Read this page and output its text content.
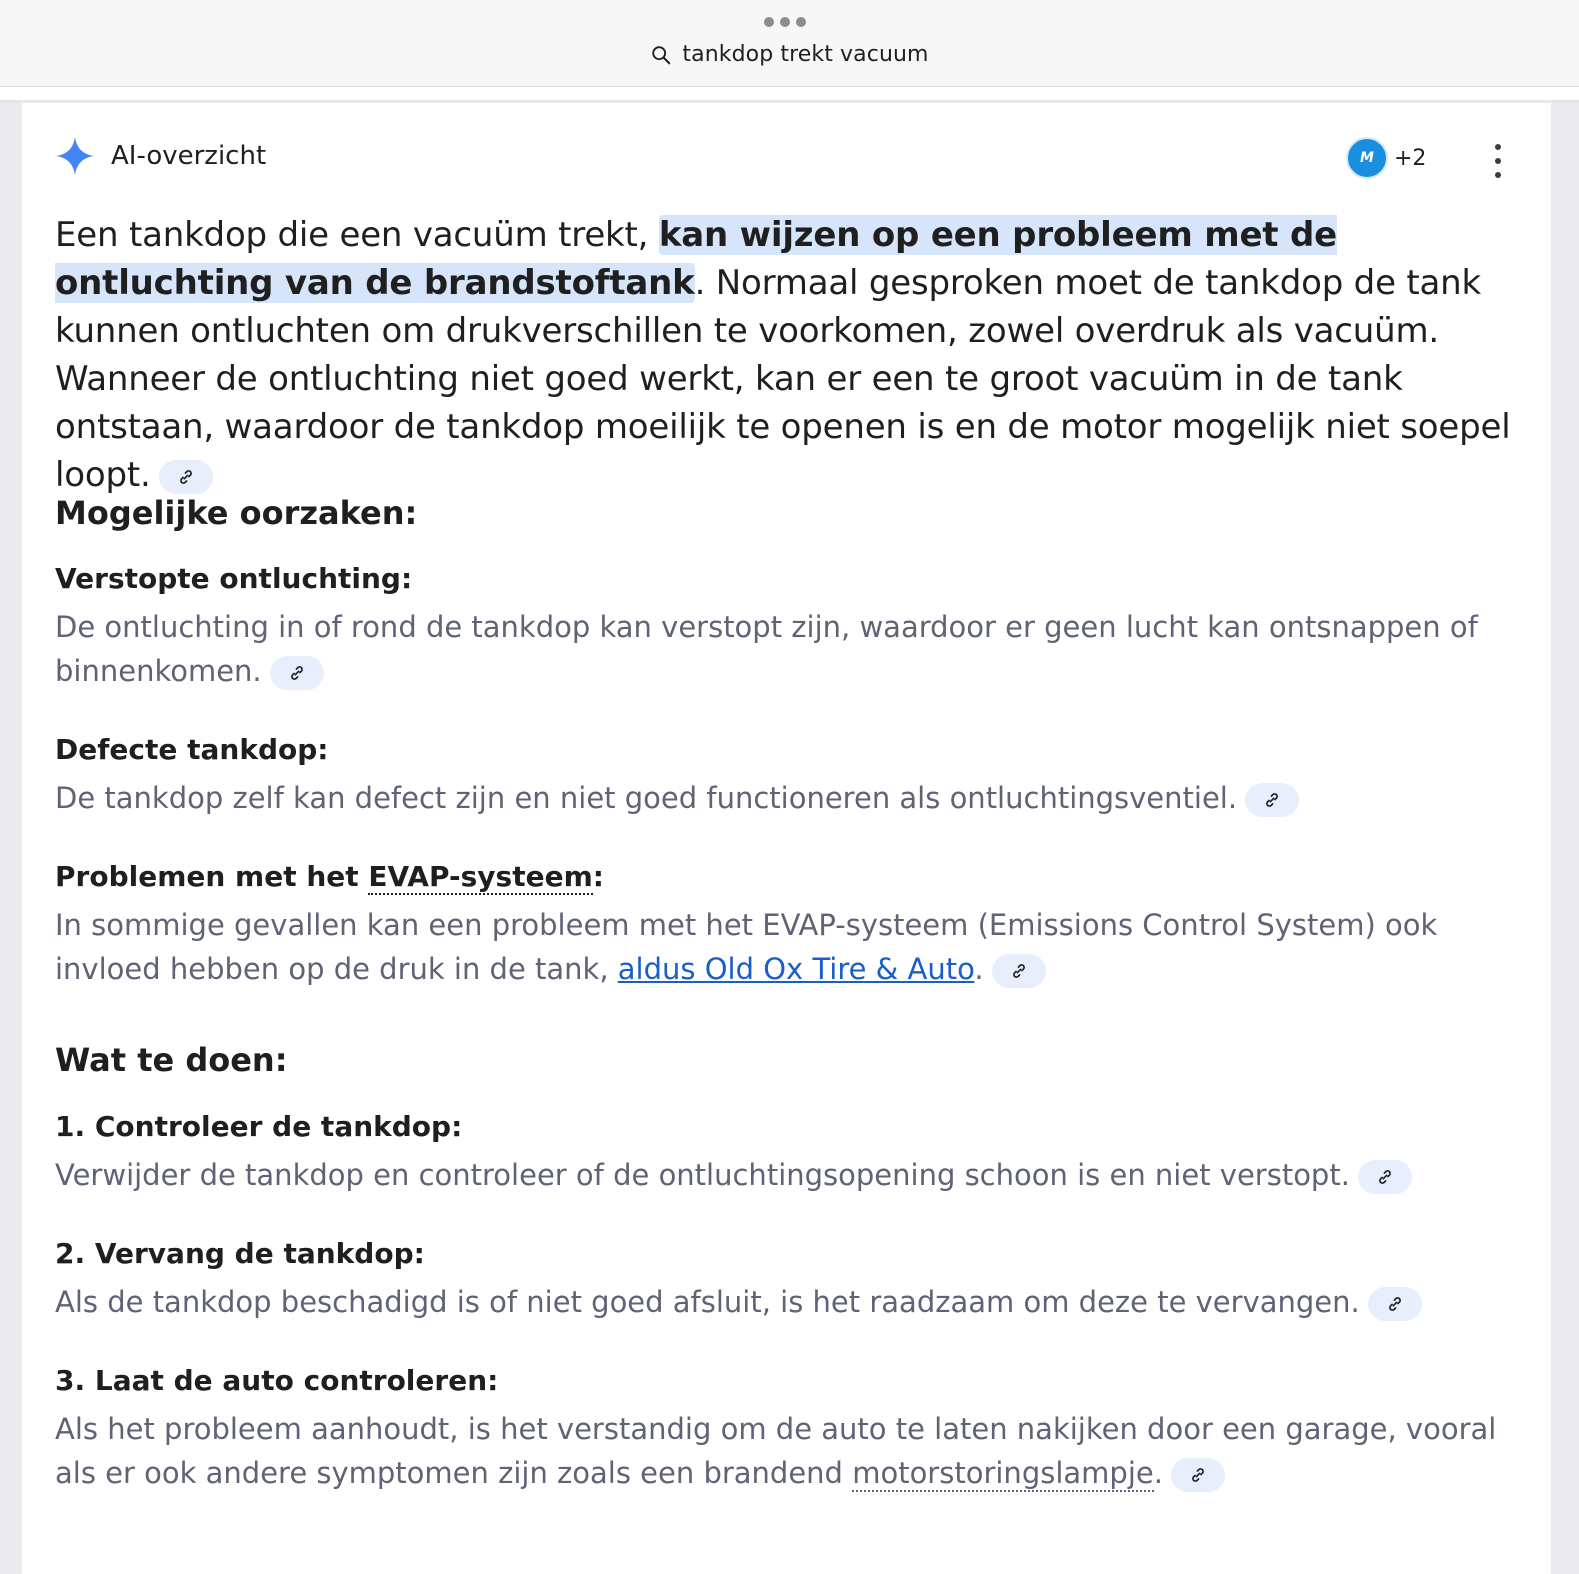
tankdop trekt vacuum
AI-overzicht	M +2

Een tankdop die een vacuüm trekt, kan wijzen op een probleem met de ontluchting van de brandstoftank. Normaal gesproken moet de tankdop de tank kunnen ontluchten om drukverschillen te voorkomen, zowel overdruk als vacuüm. Wanneer de ontluchting niet goed werkt, kan er een te groot vacuüm in de tank ontstaan, waardoor de tankdop moeilijk te openen is en de motor mogelijk niet soepel loopt.

Mogelijke oorzaken:
Verstopte ontluchting:

De ontluchting in of rond de tankdop kan verstopt zijn, waardoor er geen lucht kan ontsnappen of binnenkomen.

Defecte tankdop:

De tankdop zelf kan defect zijn en niet goed functioneren als ontluchtingsventiel.

Problemen met het EVAP-systeem:

In sommige gevallen kan een probleem met het EVAP-systeem (Emissions Control System) ook invloed hebben op de druk in de tank, aldus Old Ox Tire & Auto.

Wat te doen:
1. Controleer de tankdop:

Verwijder de tankdop en controleer of de ontluchtingsopening schoon is en niet verstopt.

2. Vervang de tankdop:

Als de tankdop beschadigd is of niet goed afsluit, is het raadzaam om deze te vervangen.

3. Laat de auto controleren:

Als het probleem aanhoudt, is het verstandig om de auto te laten nakijken door een garage, vooral als er ook andere symptomen zijn zoals een brandend motorstoringslampje.
